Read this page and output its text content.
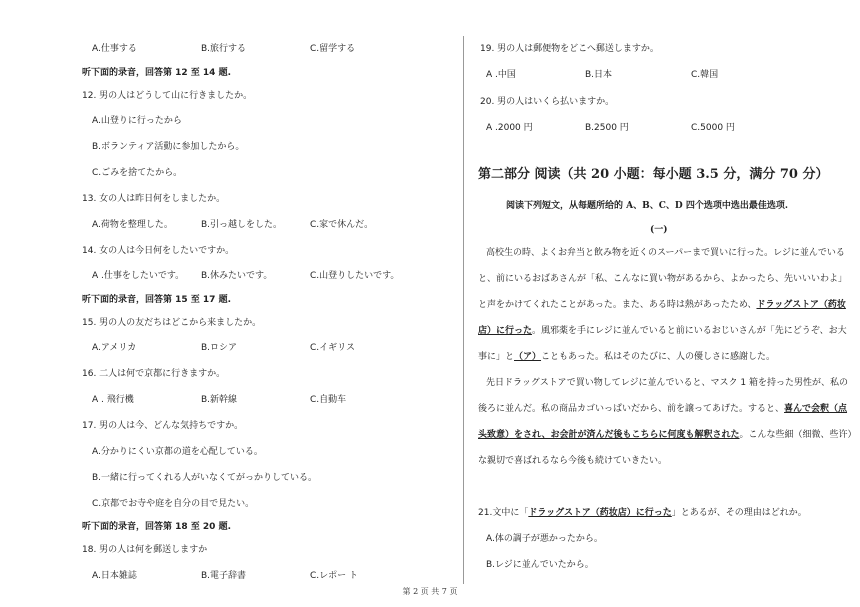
A.仕事する	B.旅行する	C.留学する
听下面的录音，回答第 12 至 14 题.
12. 男の人はどうして山に行きましたか。
A.山登りに行ったから
B.ボランティア活動に参加したから。
C.ごみを捨てたから。
13. 女の人は昨日何をしましたか。
A.荷物を整理した。	B.引っ越しをした。	C.家で休んだ。
14. 女の人は今日何をしたいですか。
A .仕事をしたいです。 B.休みたいです。	C.山登りしたいです。
听下面的录音，回答第 15 至 17 题.
15. 男の人の友だちはどこから来ましたか。
A.アメリカ	B.ロシア	C.イギリス
16. 二人は何で京都に行きますか。
A . 飛行機	B.新幹線	C.自動车
17. 男の人は今、どんな気持ちですか。
A.分かりにくい京都の道を心配している。
B.一緒に行ってくれる人がいなくてがっかりしている。
C.京都でお寺や庭を自分の目で見たい。
听下面的录音，回答第 18 至 20 题.
18. 男の人は何を郵送しますか
A.日本雑誌	B.電子辞書	C.レポー ト
19. 男の人は郵便物をどこへ郵送しますか。
A .中国	B.日本	C.韓国
20. 男の人はいくら払いますか。
A .2000 円	B.2500 円	C.5000 円
第二部分 阅读（共 20 小题：每小题 3.5 分，满分 70 分）
阅读下列短文，从每题所给的 A、B、C、D 四个选项中选出最佳选项.
(一)
高校生の時、よくお弁当と飲み物を近くのスーパーまで買いに行った。レジに並んでいる
と、前にいるおばあさんが「私、こんなに買い物があるから、よかったら、先いいいわよ」
と声をかけてくれたことがあった。また、ある時は熱があったため、ドラッグストア（药妆
店）に行った。風邪薬を手にレジに並んでいると前にいるおじいさんが「先にどうぞ、お大
事に」と（ア）こともあった。私はそのたびに、人の優しさに感謝した。
先日ドラッグストアで買い物してレジに並んでいると、マスク 1 箱を持った男性が、私の
後ろに並んだ。私の商品カゴいっぱいだから、前を譲ってあげた。すると、喜んで会釈（点
头致意）をされ、お会計が済んだ後もこちらに何度も解釈された。こんな些細（细微、些许）
な親切で喜ばれるなら今後も続けていきたい。
21.文中に「ドラッグストア（药妆店）に行った」とあるが、その理由はどれか。
A.体の調子が悪かったから。
B.レジに並んでいたから。
第 2 页 共 7 页
